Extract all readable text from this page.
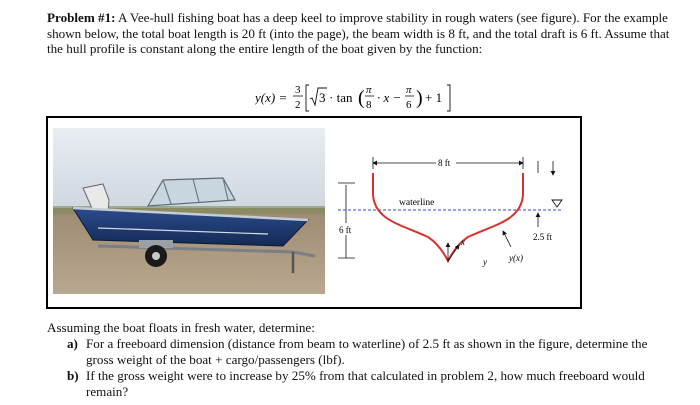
Problem #1: A Vee-hull fishing boat has a deep keel to improve stability in rough waters (see figure). For the example shown below, the total boat length is 20 ft (into the page), the beam width is 8 ft, and the total draft is 6 ft. Assume that the hull profile is constant along the entire length of the boat given by the function:
y(x) = 3
2 3 · tan ( π
8 · x − π
6 ) + 1
8 ft
6 ft
waterline
2.5 ft
x
y y(x)
Assuming the boat floats in fresh water, determine:
a) For a freeboard dimension (distance from beam to waterline) of 2.5 ft as shown in the figure, determine the gross weight of the boat + cargo/passengers (lbf).
b) If the gross weight were to increase by 25% from that calculated in problem 2, how much freeboard would remain?
